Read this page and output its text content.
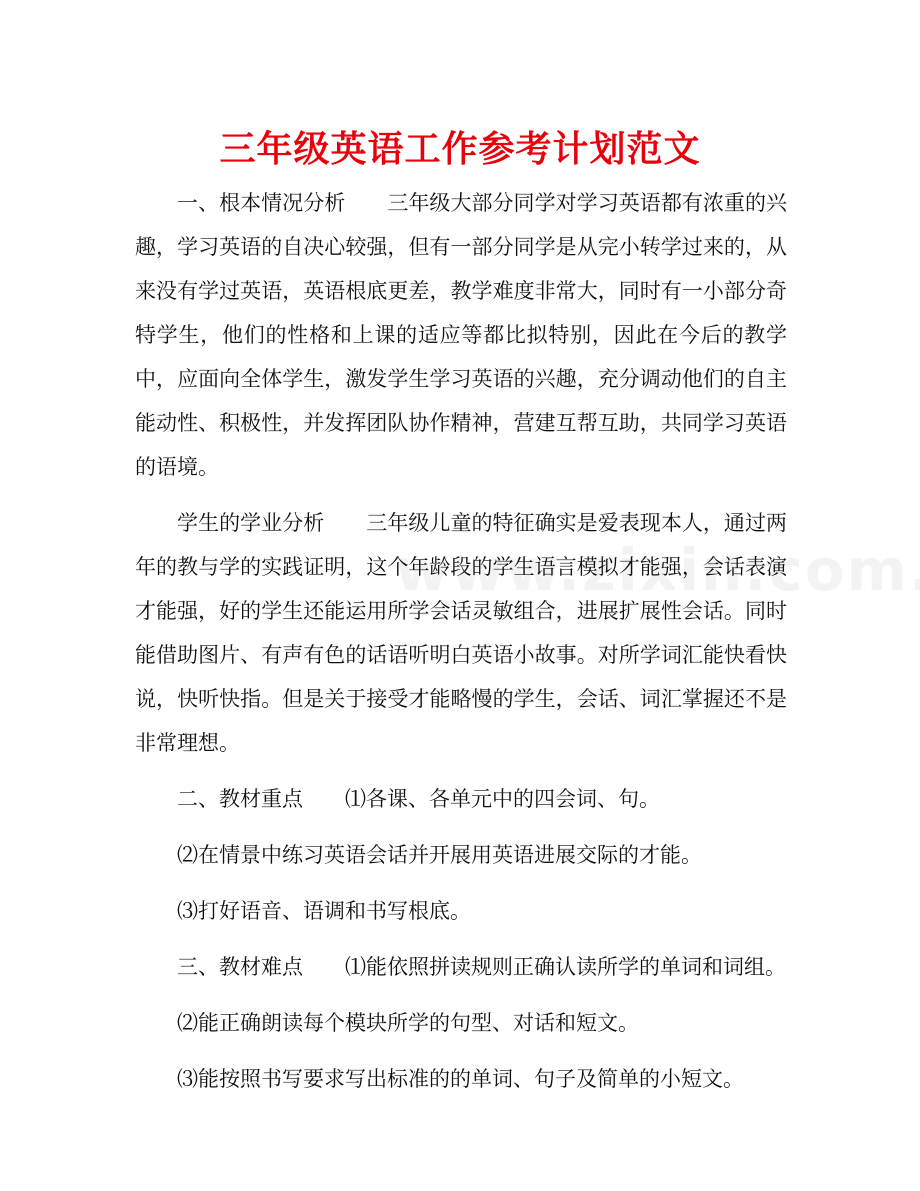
三年级英语工作参考计划范文

一、根本情况分析 三年级大部分同学对学习英语都有浓重的兴趣，学习英语的自决心较强，但有一部分同学是从完小转学过来的，从来没有学过英语，英语根底更差，教学难度非常大，同时有一小部分奇特学生，他们的性格和上课的适应等都比拟特别，因此在今后的教学中，应面向全体学生，激发学生学习英语的兴趣，充分调动他们的自主能动性、积极性，并发挥团队协作精神，营建互帮互助，共同学习英语的语境。

学生的学业分析 三年级儿童的特征确实是爱表现本人，通过两年的教与学的实践证明，这个年龄段的学生语言模拟才能强，会话表演才能强，好的学生还能运用所学会话灵敏组合，进展扩展性会话。同时能借助图片、有声有色的话语听明白英语小故事。对所学词汇能快看快说，快听快指。但是关于接受才能略慢的学生，会话、词汇掌握还不是非常理想。

二、教材重点 ⑴各课、各单元中的四会词、句。

⑵在情景中练习英语会话并开展用英语进展交际的才能。

⑶打好语音、语调和书写根底。

三、教材难点 ⑴能依照拼读规则正确认读所学的单词和词组。

⑵能正确朗读每个模块所学的句型、对话和短文。

⑶能按照书写要求写出标准的的单词、句子及简单的小短文。
